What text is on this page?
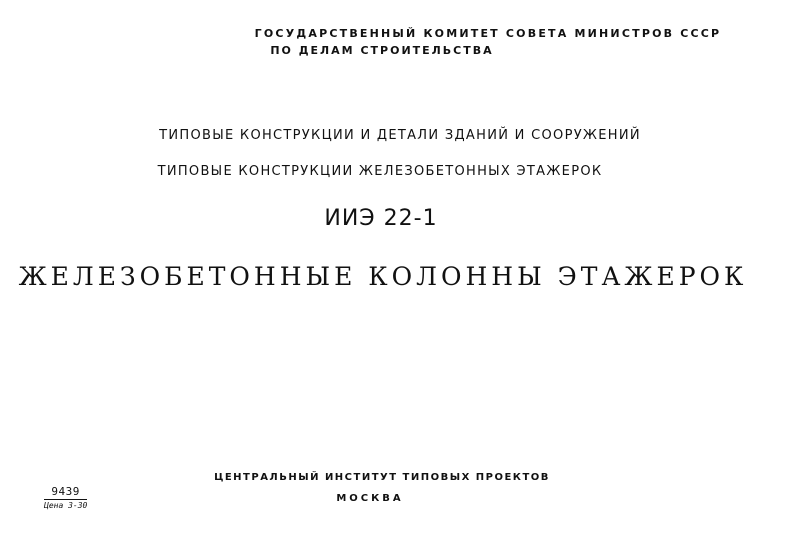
ГОСУДАРСТВЕННЫЙ КОМИТЕТ СОВЕТА МИНИСТРОВ СССР

ПО ДЕЛАМ СТРОИТЕЛЬСТВА

ТИПОВЫЕ КОНСТРУКЦИИ И ДЕТАЛИ ЗДАНИЙ И СООРУЖЕНИЙ

ТИПОВЫЕ КОНСТРУКЦИИ ЖЕЛЕЗОБЕТОННЫХ ЭТАЖЕРОК

ИИЭ 22-1

ЖЕЛЕЗОБЕТОННЫЕ КОЛОННЫ ЭТАЖЕРОК

ЦЕНТРАЛЬНЫЙ ИНСТИТУТ ТИПОВЫХ ПРОЕКТОВ

МОСКВА

9439
Цена 3-30
